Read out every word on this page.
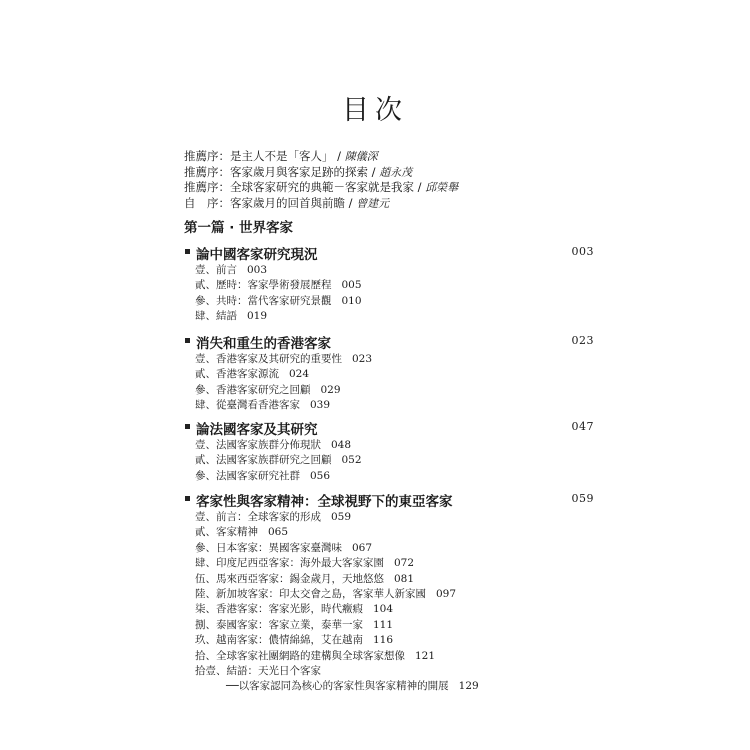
目次
推薦序：是主人不是「客人」 / 陳儀深
推薦序：客家歲月與客家足跡的探索 / 趙永茂
推薦序：全球客家研究的典範－客家就是我家 / 邱榮舉
自　序：客家歲月的回首與前瞻 / 曾建元
第一篇 · 世界客家
論中國客家研究現況	003
壹、前言 003
貳、歷時：客家學術發展歷程 005
參、共時：當代客家研究景觀 010
肆、結語 019
消失和重生的香港客家	023
壹、香港客家及其研究的重要性 023
貳、香港客家源流 024
參、香港客家研究之回顧 029
肆、從臺灣看香港客家 039
論法國客家及其研究	047
壹、法國客家族群分佈現狀 048
貳、法國客家族群研究之回顧 052
參、法國客家研究社群 056
客家性與客家精神：全球視野下的東亞客家	059
壹、前言：全球客家的形成 059
貳、客家精神 065
參、日本客家：異國客家臺灣味 067
肆、印度尼西亞客家：海外最大客家家園 072
伍、馬來西亞客家：錫金歲月，天地悠悠 081
陸、新加坡客家：印太交會之島，客家華人新家國 097
柒、香港客家：客家光影，時代癥瘕 104
捌、泰國客家：客家立業，泰華一家 111
玖、越南客家：儂情綿綿，艾在越南 116
拾、全球客家社團網路的建構與全球客家想像 121
拾壹、結語：天光日个客家
──以客家認同為核心的客家性與客家精神的開展 129
